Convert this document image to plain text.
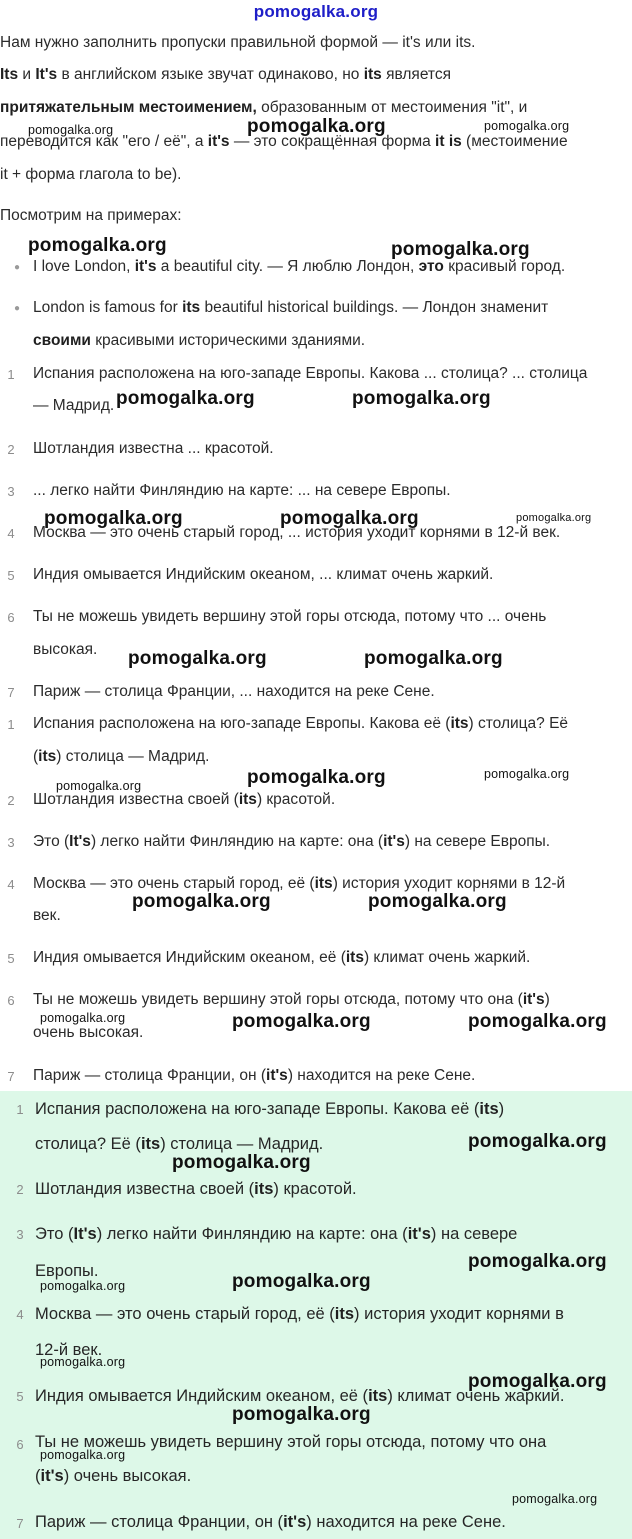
pomogalka.org
Нам нужно заполнить пропуски правильной формой — it's или its.
Its и It's в английском языке звучат одинаково, но its является
притяжательным местоимением, образованным от местоимения "it", и
переводится как "его / её", а it's — это сокращённая форма it is (местоимение
it + форма глагола to be).
Посмотрим на примерах:
● I love London, it's a beautiful city. — Я люблю Лондон, это красивый город.
● London is famous for its beautiful historical buildings. — Лондон знаменит
своими красивыми историческими зданиями.
1	Испания расположена на юго-западе Европы. Какова ... столица? ... столица
— Мадрид.
2	Шотландия известна ... красотой.
3	... легко найти Финляндию на карте: ... на севере Европы.
4	Москва — это очень старый город, ... история уходит корнями в 12-й век.
5	Индия омывается Индийским океаном, ... климат очень жаркий.
6	Ты не можешь увидеть вершину этой горы отсюда, потому что ... очень
высокая.
7	Париж — столица Франции, ... находится на реке Сене.
1	Испания расположена на юго-западе Европы. Какова её (its) столица? Её
(its) столица — Мадрид.
2	Шотландия известна своей (its) красотой.
3	Это (It's) легко найти Финляндию на карте: она (it's) на севере Европы.
4	Москва — это очень старый город, её (its) история уходит корнями в 12-й
век.
5	Индия омывается Индийским океаном, её (its) климат очень жаркий.
6	Ты не можешь увидеть вершину этой горы отсюда, потому что она (it's)
очень высокая.
7	Париж — столица Франции, он (it's) находится на реке Сене.
1 Испания расположена на юго-западе Европы. Какова её (its)
столица? Её (its) столица — Мадрид.
2 Шотландия известна своей (its) красотой.
3 Это (It's) легко найти Финляндию на карте: она (it's) на севере
Европы.
4 Москва — это очень старый город, её (its) история уходит корнями в
12-й век.
5 Индия омывается Индийским океаном, её (its) климат очень жаркий.
6 Ты не можешь увидеть вершину этой горы отсюда, потому что она
(it's) очень высокая.
7 Париж — столица Франции, он (it's) находится на реке Сене.
pomogalka.org	pomogalka.org	pomogalka.org
pomogalka.org	pomogalka.org
pomogalka.org	pomogalka.org
pomogalka.org	pomogalka.org	pomogalka.org
pomogalka.org	pomogalka.org
pomogalka.org	pomogalka.org	pomogalka.org
pomogalka.org	pomogalka.org
pomogalka.org	pomogalka.org	pomogalka.org
pomogalka.org
pomogalka.org
pomogalka.org
pomogalka.org	pomogalka.org
pomogalka.org
pomogalka.org
pomogalka.org
pomogalka.org
pomogalka.org
